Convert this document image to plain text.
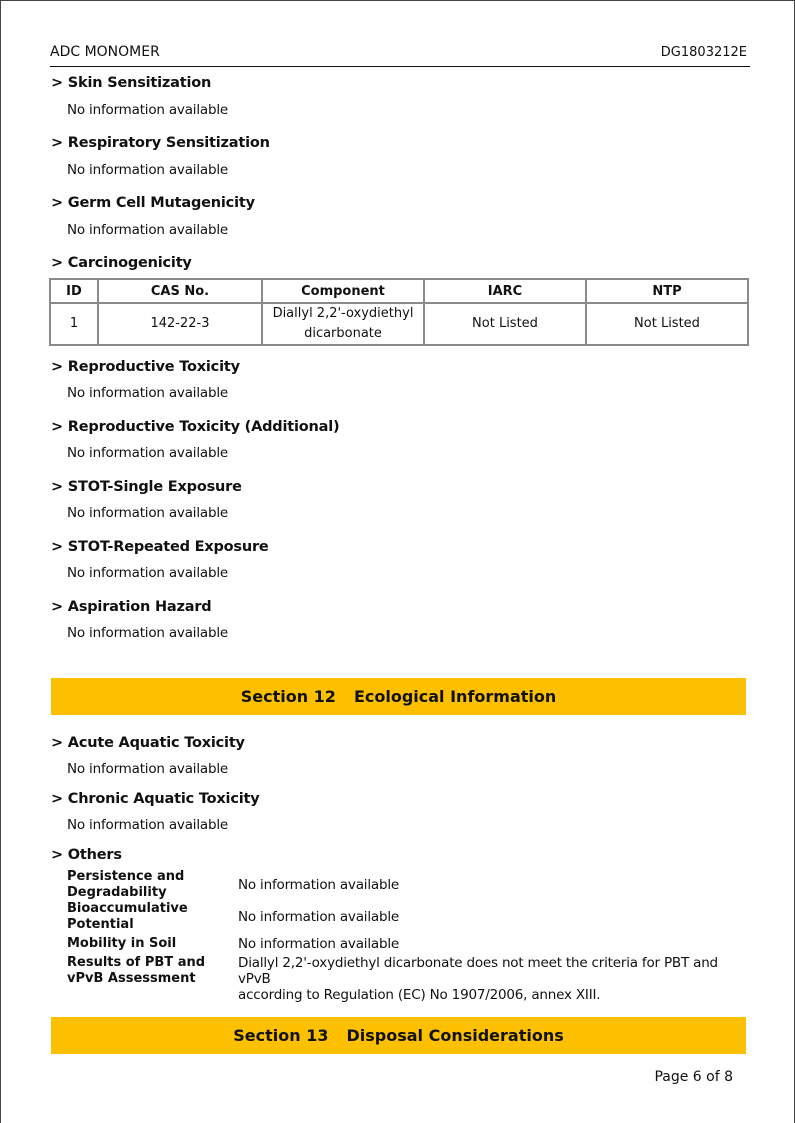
ADC MONOMER	DG1803212E
> Skin Sensitization
No information available
> Respiratory Sensitization
No information available
> Germ Cell Mutagenicity
No information available
> Carcinogenicity
ID	CAS No.	Component	IARC	NTP
1	142-22-3	Diallyl 2,2'-oxydiethyl
dicarbonate	Not Listed	Not Listed
> Reproductive Toxicity
No information available
> Reproductive Toxicity (Additional)
No information available
> STOT-Single Exposure
No information available
> STOT-Repeated Exposure
No information available
> Aspiration Hazard
No information available
Section 12 Ecological Information
> Acute Aquatic Toxicity
No information available
> Chronic Aquatic Toxicity
No information available
> Others
Persistence and
Degradability	No information available
Bioaccumulative
Potential	No information available
Mobility in Soil	No information available
Results of PBT and
vPvB Assessment
Diallyl 2,2'-oxydiethyl dicarbonate does not meet the criteria for PBT and vPvB
according to Regulation (EC) No 1907/2006, annex XIII.
Section 13 Disposal Considerations
Page 6 of 8
